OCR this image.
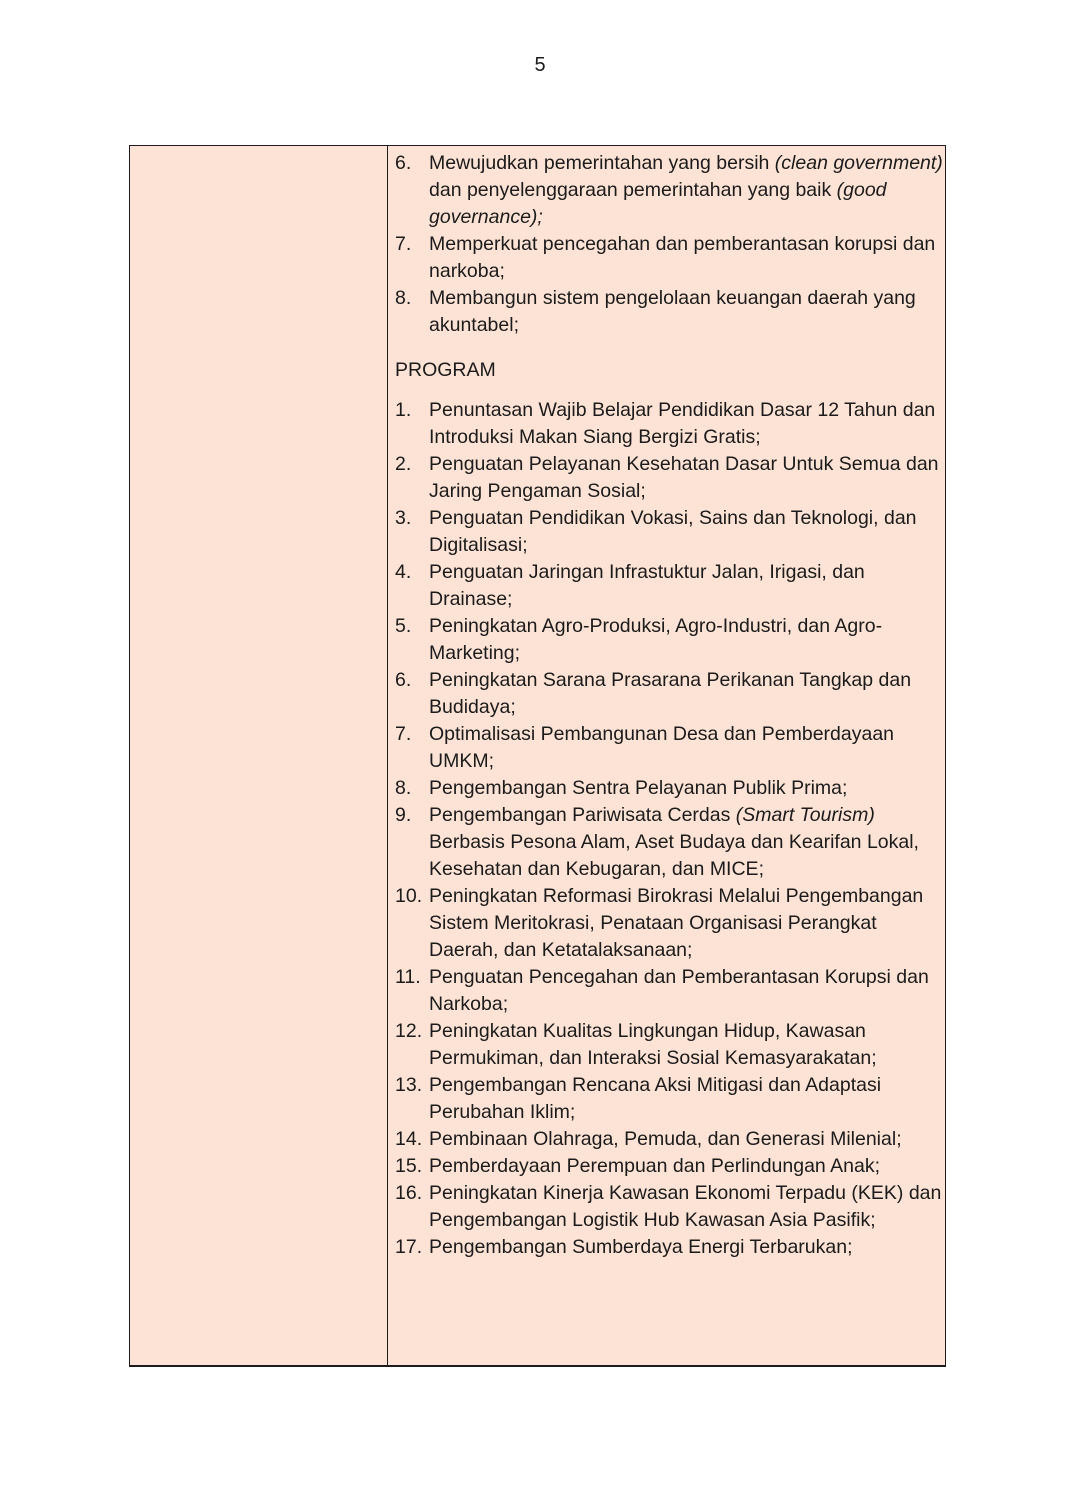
5
6. Mewujudkan pemerintahan yang bersih (clean government) dan penyelenggaraan pemerintahan yang baik (good governance);
7. Memperkuat pencegahan dan pemberantasan korupsi dan narkoba;
8. Membangun sistem pengelolaan keuangan daerah yang akuntabel;
PROGRAM
1. Penuntasan Wajib Belajar Pendidikan Dasar 12 Tahun dan Introduksi Makan Siang Bergizi Gratis;
2. Penguatan Pelayanan Kesehatan Dasar Untuk Semua dan Jaring Pengaman Sosial;
3. Penguatan Pendidikan Vokasi, Sains dan Teknologi, dan Digitalisasi;
4. Penguatan Jaringan Infrastuktur Jalan, Irigasi, dan Drainase;
5. Peningkatan Agro-Produksi, Agro-Industri, dan Agro-Marketing;
6. Peningkatan Sarana Prasarana Perikanan Tangkap dan Budidaya;
7. Optimalisasi Pembangunan Desa dan Pemberdayaan UMKM;
8. Pengembangan Sentra Pelayanan Publik Prima;
9. Pengembangan Pariwisata Cerdas (Smart Tourism) Berbasis Pesona Alam, Aset Budaya dan Kearifan Lokal, Kesehatan dan Kebugaran, dan MICE;
10. Peningkatan Reformasi Birokrasi Melalui Pengembangan Sistem Meritokrasi, Penataan Organisasi Perangkat Daerah, dan Ketatalaksanaan;
11. Penguatan Pencegahan dan Pemberantasan Korupsi dan Narkoba;
12. Peningkatan Kualitas Lingkungan Hidup, Kawasan Permukiman, dan Interaksi Sosial Kemasyarakatan;
13. Pengembangan Rencana Aksi Mitigasi dan Adaptasi Perubahan Iklim;
14. Pembinaan Olahraga, Pemuda, dan Generasi Milenial;
15. Pemberdayaan Perempuan dan Perlindungan Anak;
16. Peningkatan Kinerja Kawasan Ekonomi Terpadu (KEK) dan Pengembangan Logistik Hub Kawasan Asia Pasifik;
17. Pengembangan Sumberdaya Energi Terbarukan;
